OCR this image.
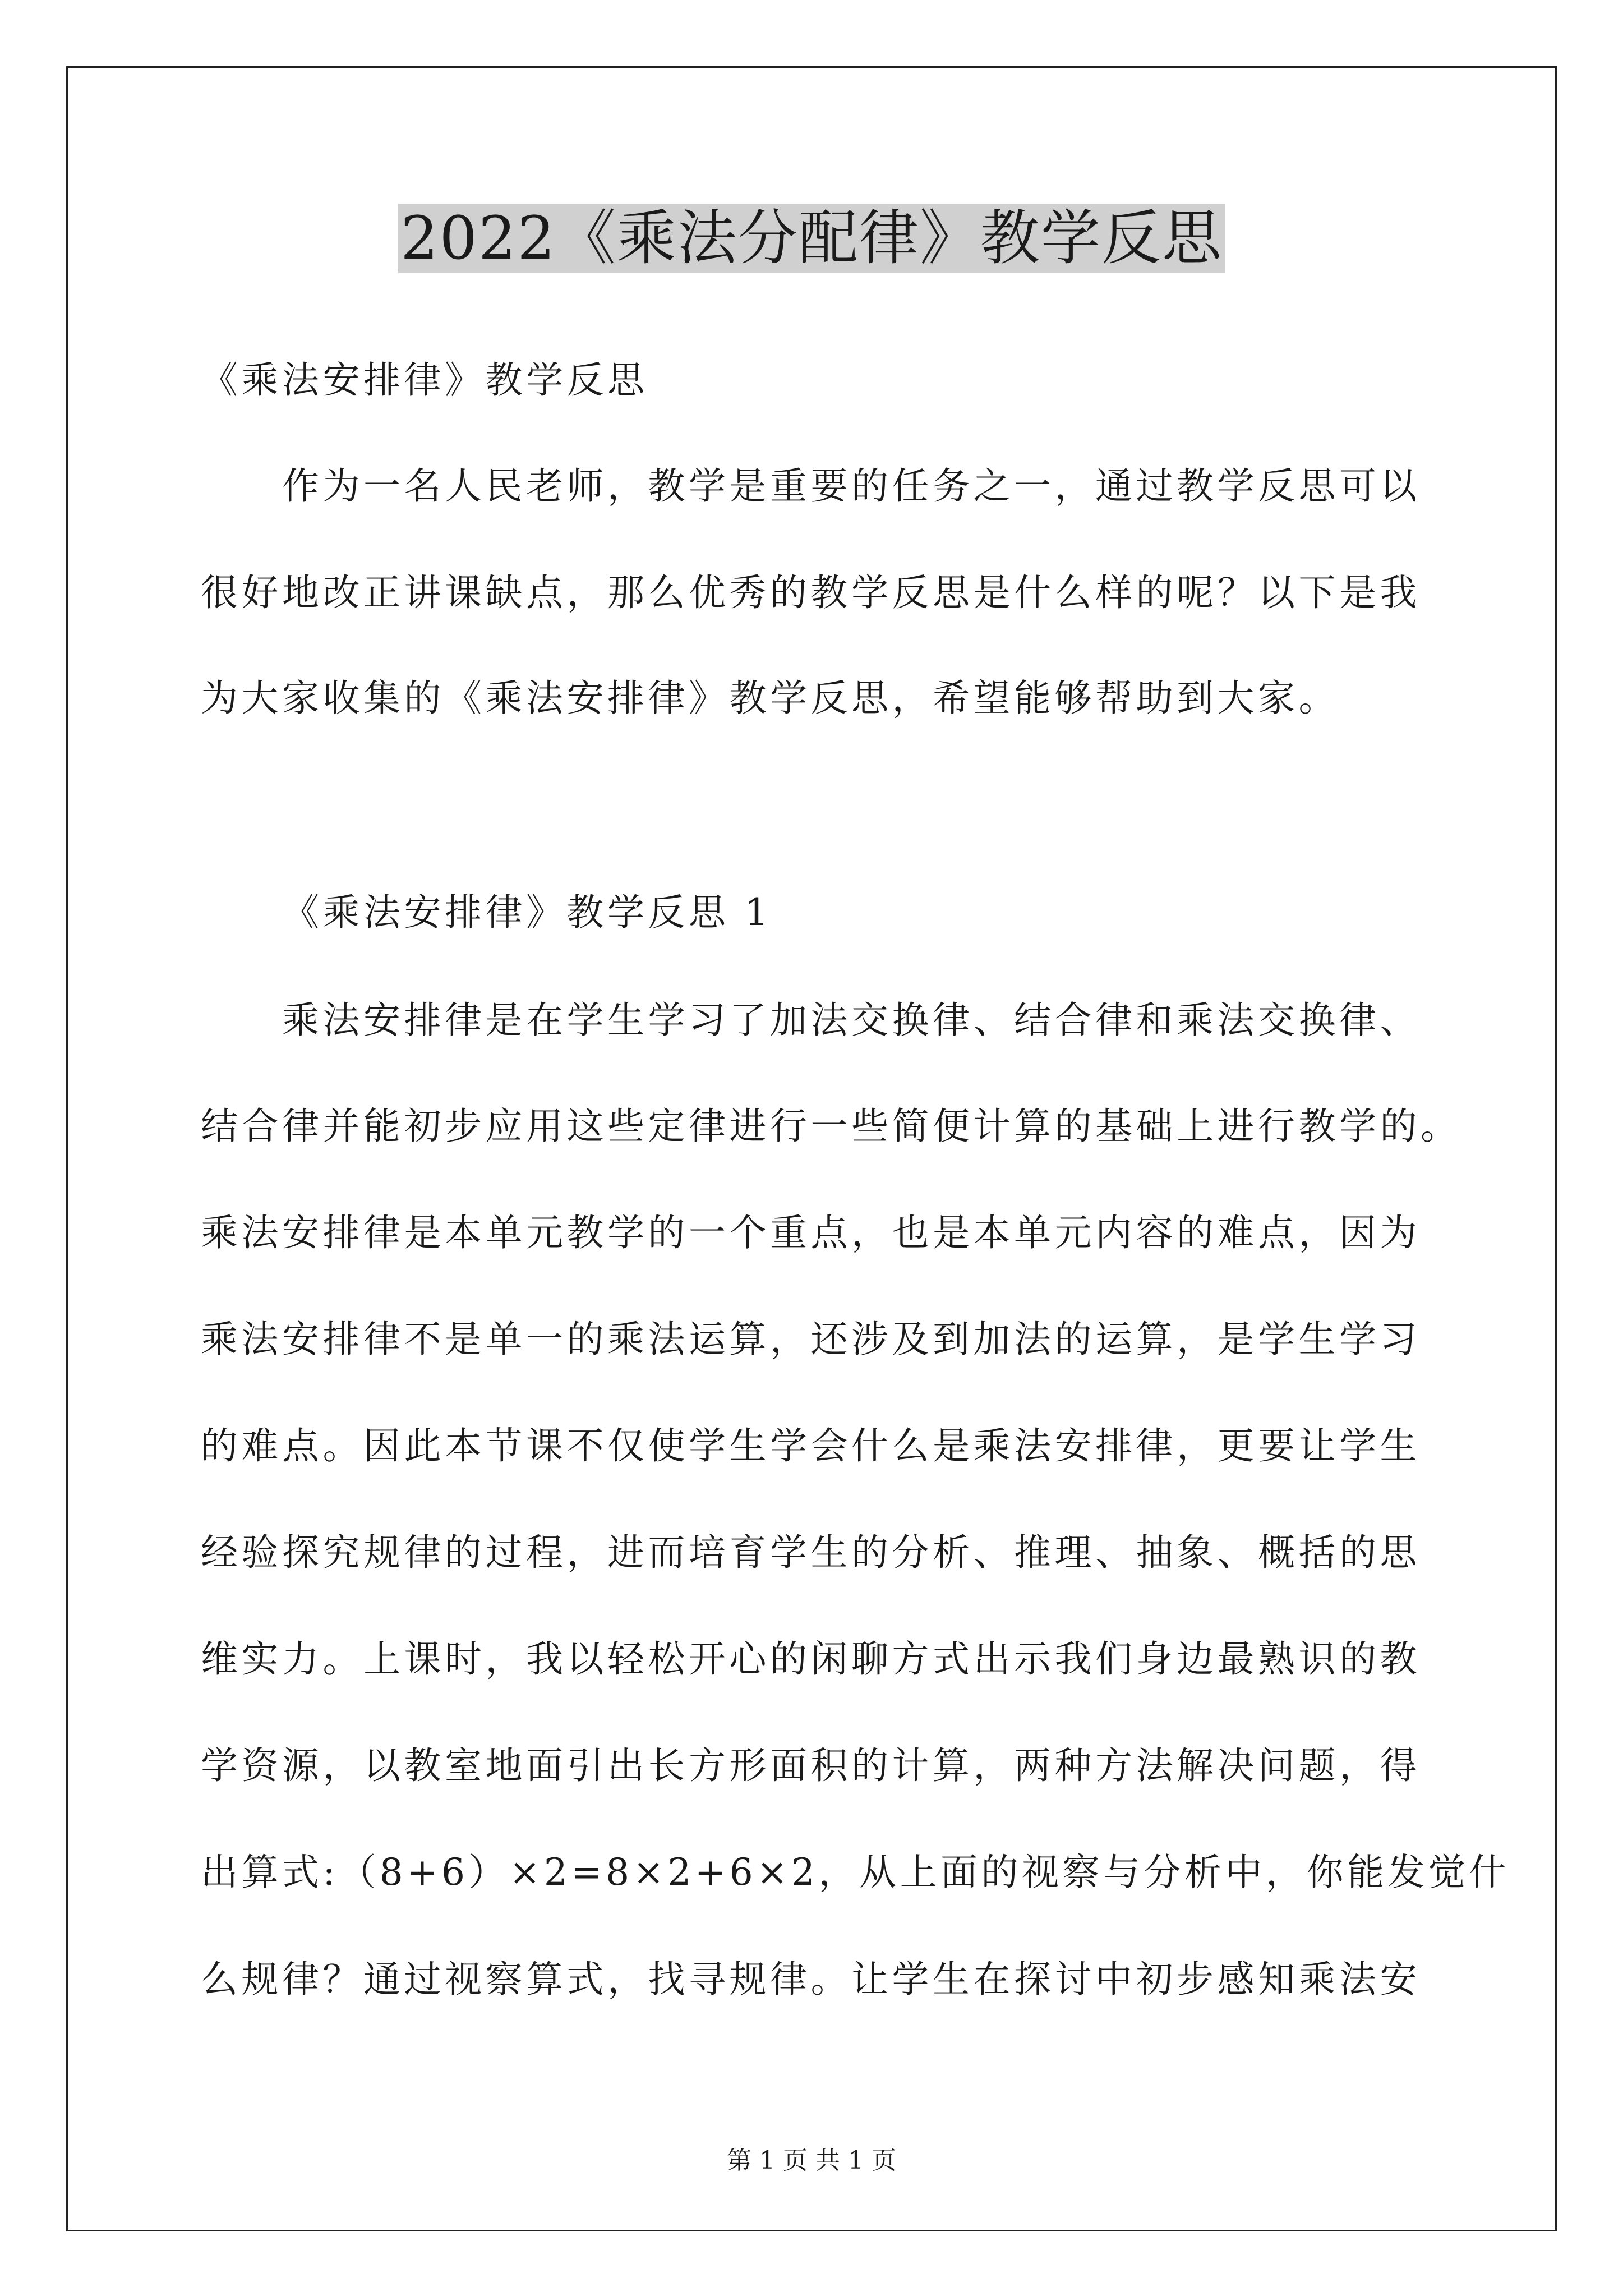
2022《乘法分配律》教学反思
《乘法安排律》教学反思
作为一名人民老师，教学是重要的任务之一，通过教学反思可以
很好地改正讲课缺点，那么优秀的教学反思是什么样的呢？以下是我
为大家收集的《乘法安排律》教学反思，希望能够帮助到大家。
《乘法安排律》教学反思 1
乘法安排律是在学生学习了加法交换律、结合律和乘法交换律、
结合律并能初步应用这些定律进行一些简便计算的基础上进行教学的。
乘法安排律是本单元教学的一个重点，也是本单元内容的难点，因为
乘法安排律不是单一的乘法运算，还涉及到加法的运算，是学生学习
的难点。因此本节课不仅使学生学会什么是乘法安排律，更要让学生
经验探究规律的过程，进而培育学生的分析、推理、抽象、概括的思
维实力。上课时，我以轻松开心的闲聊方式出示我们身边最熟识的教
学资源，以教室地面引出长方形面积的计算，两种方法解决问题，得
出算式:（8+6）×2=8×2+6×2，从上面的视察与分析中，你能发觉什
么规律？通过视察算式，找寻规律。让学生在探讨中初步感知乘法安
第 1 页 共 1 页
